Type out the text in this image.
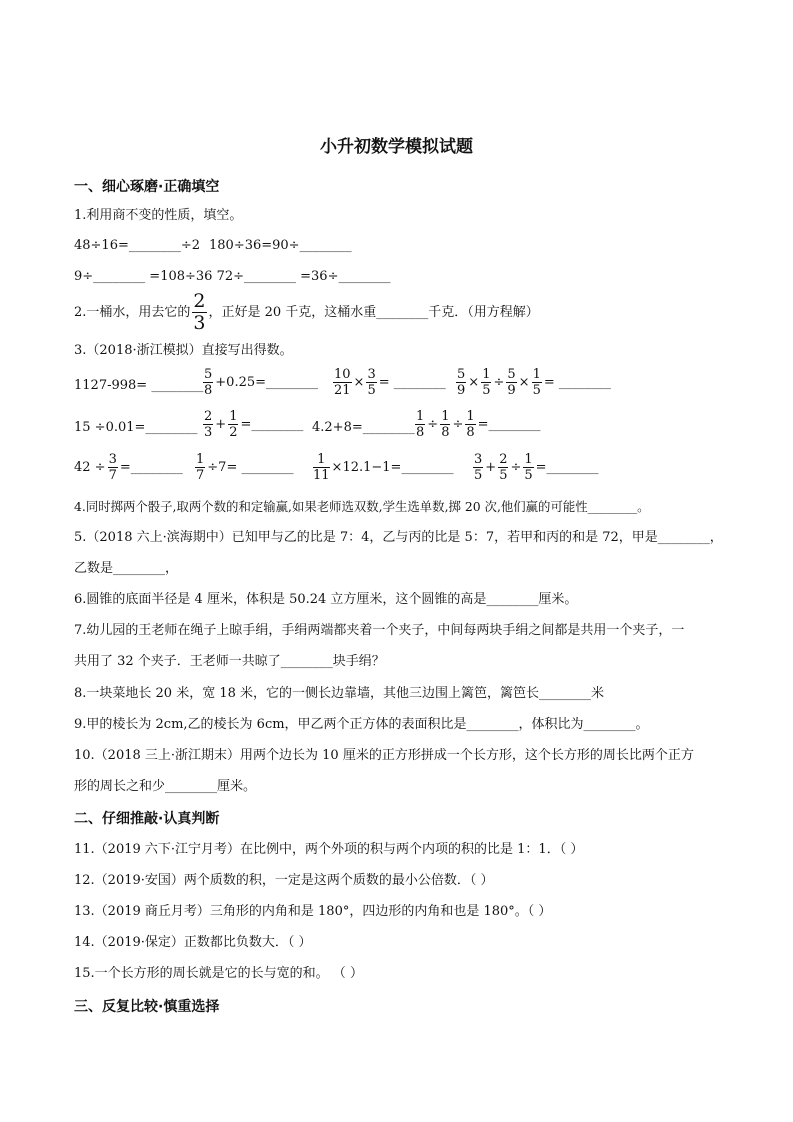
小升初数学模拟试题
一、细心琢磨·正确填空
1.利用商不变的性质，填空。
48÷16=________÷2 180÷36=90÷________
9÷________ =108÷36 72÷________ =36÷________
2.一桶水，用去它的 $\frac{2}{3}$ ，正好是 20 千克，这桶水重________千克．（用方程解）
3.（2018·浙江模拟）直接写出得数。
1127-998= ________ $\frac{5}{8}$ +0.25=________ $\frac{10}{21} \times \frac{3}{5}$ = ________ $\frac{5}{9} \times \frac{1}{5} \div \frac{5}{9} \times \frac{1}{5}$ = ________
15 ÷0.01=________ $\frac{2}{3} + \frac{1}{2}$ =________ 4.2+8=________ $\frac{1}{8} \div \frac{1}{8} \div \frac{1}{8}$ =________
$42 \div \frac{3}{7}$ =________ $\frac{1}{7} \div 7=$ ________ $\frac{1}{11}$ ×12.1−1=________ $\frac{3}{5} + \frac{2}{5} \div \frac{1}{5}$ =________
4.同时掷两个骰子,取两个数的和定输赢,如果老师选双数,学生选单数,掷 20 次,他们赢的可能性________。
5.（2018 六上·滨海期中）已知甲与乙的比是 7：4，乙与丙的比是 5：7，若甲和丙的和是 72，甲是________，
乙数是________，
6.圆锥的底面半径是 4 厘米，体积是 50.24 立方厘米，这个圆锥的高是________厘米。
7.幼儿园的王老师在绳子上晾手绢，手绢两端都夹着一个夹子，中间每两块手绢之间都是共用一个夹子，一
共用了 32 个夹子．王老师一共晾了________块手绢？
8.一块菜地长 20 米，宽 18 米，它的一侧长边靠墙，其他三边围上篱笆，篱笆长________米
9.甲的棱长为 2cm,乙的棱长为 6cm，甲乙两个正方体的表面积比是________，体积比为________。
10.（2018 三上·浙江期末）用两个边长为 10 厘米的正方形拼成一个长方形，这个长方形的周长比两个正方
形的周长之和少________厘米。
二、仔细推敲·认真判断
11.（2019 六下·江宁月考）在比例中，两个外项的积与两个内项的积的比是 1：1．（ ）
12.（2019·安国）两个质数的积，一定是这两个质数的最小公倍数．（ ）
13.（2019 商丘月考）三角形的内角和是 180°，四边形的内角和也是 180°。（ ）
14.（2019·保定）正数都比负数大．（ ）
15.一个长方形的周长就是它的长与宽的和。 （ ）
三、反复比较·慎重选择
